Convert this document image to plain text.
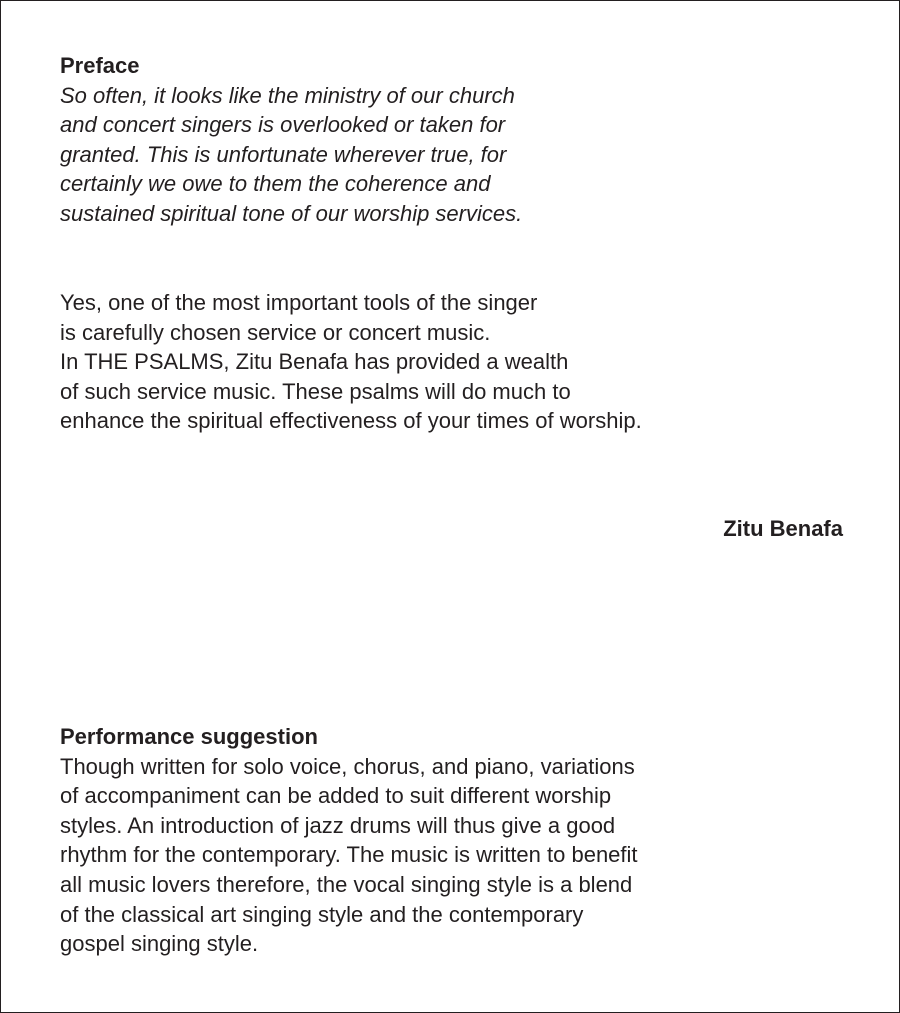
Preface
So often, it looks like the ministry of our church
and concert singers is overlooked or taken for
granted. This is unfortunate wherever true, for
certainly we owe to them the coherence and
sustained spiritual tone of our worship services.
Yes, one of the most important tools of the singer
is carefully chosen service or concert music.
In THE PSALMS, Zitu Benafa has provided a wealth
of such service music. These psalms will do much to
enhance the spiritual effectiveness of your times of worship.
Zitu Benafa
Performance suggestion
Though written for solo voice, chorus, and piano, variations
of accompaniment can be added to suit different worship
styles. An introduction of jazz drums will thus give a good
rhythm for the contemporary. The music is written to benefit
all music lovers therefore, the vocal singing style is a blend
of the classical art singing style and the contemporary
gospel singing style.
